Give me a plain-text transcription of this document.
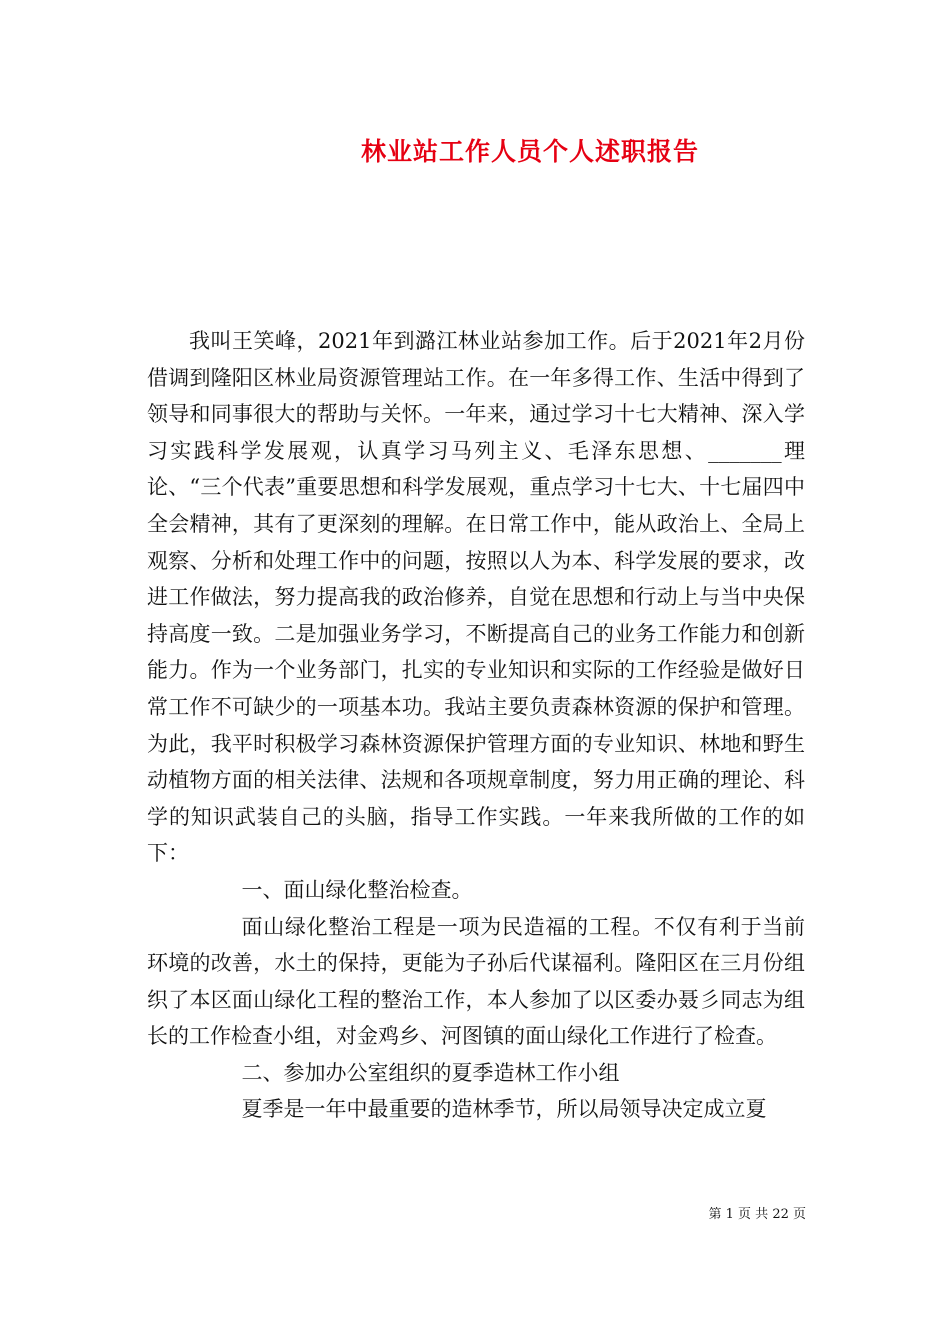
林业站工作人员个人述职报告

我叫王笑峰，2021年到潞江林业站参加工作。后于2021年2月份借调到隆阳区林业局资源管理站工作。在一年多得工作、生活中得到了领导和同事很大的帮助与关怀。一年来，通过学习十七大精神、深入学习实践科学发展观，认真学习马列主义、毛泽东思想、_______理论、“三个代表”重要思想和科学发展观，重点学习十七大、十七届四中全会精神，其有了更深刻的理解。在日常工作中，能从政治上、全局上观察、分析和处理工作中的问题，按照以人为本、科学发展的要求，改进工作做法，努力提高我的政治修养，自觉在思想和行动上与当中央保持高度一致。二是加强业务学习，不断提高自己的业务工作能力和创新能力。作为一个业务部门，扎实的专业知识和实际的工作经验是做好日常工作不可缺少的一项基本功。我站主要负责森林资源的保护和管理。为此，我平时积极学习森林资源保护管理方面的专业知识、林地和野生动植物方面的相关法律、法规和各项规章制度，努力用正确的理论、科学的知识武装自己的头脑，指导工作实践。一年来我所做的工作的如下：

一、面山绿化整治检查。

面山绿化整治工程是一项为民造福的工程。不仅有利于当前环境的改善，水土的保持，更能为子孙后代谋福利。隆阳区在三月份组织了本区面山绿化工程的整治工作，本人参加了以区委办聂彡同志为组长的工作检查小组，对金鸡乡、河图镇的面山绿化工作进行了检查。

二、参加办公室组织的夏季造林工作小组

夏季是一年中最重要的造林季节，所以局领导决定成立夏

第 1 页 共 22 页
